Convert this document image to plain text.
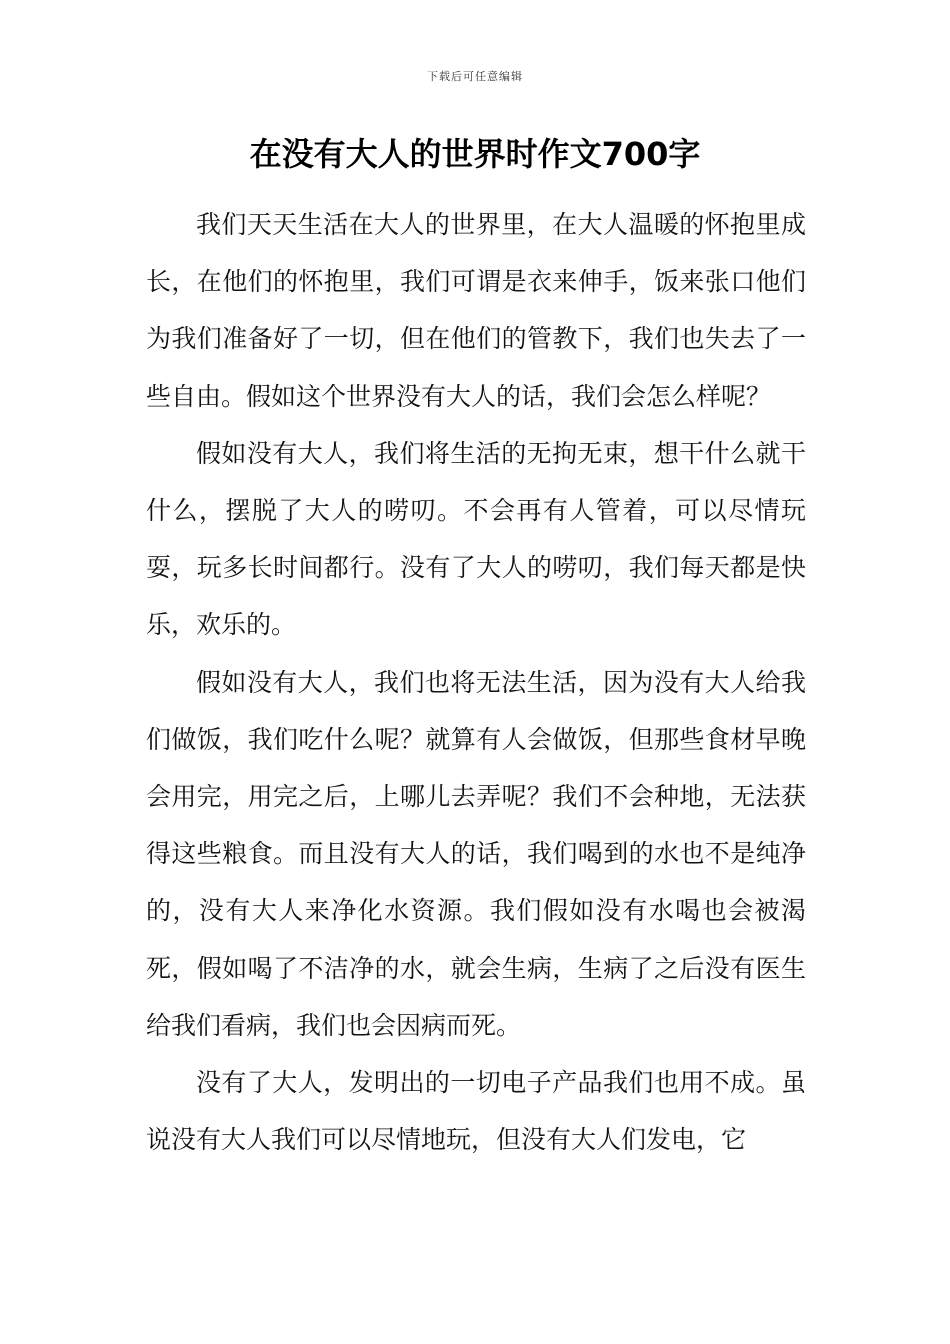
下载后可任意编辑
在没有大人的世界时作文700字

我们天天生活在大人的世界里，在大人温暖的怀抱里成长，在他们的怀抱里，我们可谓是衣来伸手，饭来张口他们为我们准备好了一切，但在他们的管教下，我们也失去了一些自由。假如这个世界没有大人的话，我们会怎么样呢？

假如没有大人，我们将生活的无拘无束，想干什么就干什么，摆脱了大人的唠叨。不会再有人管着，可以尽情玩耍，玩多长时间都行。没有了大人的唠叨，我们每天都是快乐，欢乐的。

假如没有大人，我们也将无法生活，因为没有大人给我们做饭，我们吃什么呢？就算有人会做饭，但那些食材早晚会用完，用完之后，上哪儿去弄呢？我们不会种地，无法获得这些粮食。而且没有大人的话，我们喝到的水也不是纯净的，没有大人来净化水资源。我们假如没有水喝也会被渴死，假如喝了不洁净的水，就会生病，生病了之后没有医生给我们看病，我们也会因病而死。

没有了大人，发明出的一切电子产品我们也用不成。虽说没有大人我们可以尽情地玩，但没有大人们发电，它
